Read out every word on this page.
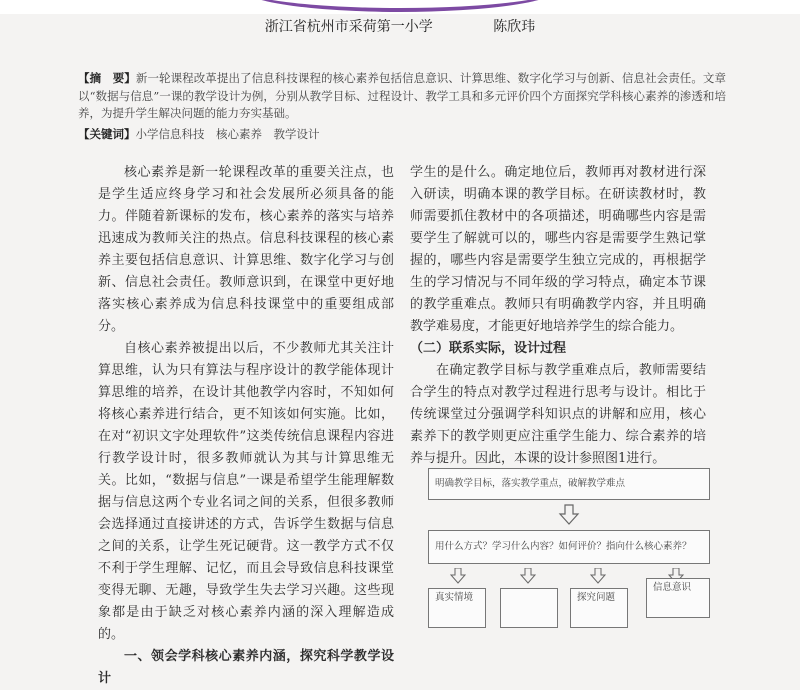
浙江省杭州市采荷第一小学	陈欣玮
【摘　要】新一轮课程改革提出了信息科技课程的核心素养包括信息意识、计算思维、数字化学习与创新、信息社会责任。文章以“数据与信息”一课的教学设计为例，分别从教学目标、过程设计、教学工具和多元评价四个方面探究学科核心素养的渗透和培养，为提升学生解决问题的能力夯实基础。
【关键词】小学信息科技　核心素养　教学设计

核心素养是新一轮课程改革的重要关注点，也是学生适应终身学习和社会发展所必须具备的能力。伴随着新课标的发布，核心素养的落实与培养迅速成为教师关注的热点。信息科技课程的核心素养主要包括信息意识、计算思维、数字化学习与创新、信息社会责任。教师意识到，在课堂中更好地落实核心素养成为信息科技课堂中的重要组成部分。

自核心素养被提出以后，不少教师尤其关注计算思维，认为只有算法与程序设计的教学能体现计算思维的培养，在设计其他教学内容时，不知如何将核心素养进行结合，更不知该如何实施。比如，在对“初识文字处理软件”这类传统信息课程内容进行教学设计时，很多教师就认为其与计算思维无关。比如，“数据与信息”一课是希望学生能理解数据与信息这两个专业名词之间的关系，但很多教师会选择通过直接讲述的方式，告诉学生数据与信息之间的关系，让学生死记硬背。这一教学方式不仅不利于学生理解、记忆，而且会导致信息科技课堂变得无聊、无趣，导致学生失去学习兴趣。这些现象都是由于缺乏对核心素养内涵的深入理解造成的。

一、领会学科核心素养内涵，探究科学教学设计

学生的是什么。确定地位后，教师再对教材进行深入研读，明确本课的教学目标。在研读教材时，教师需要抓住教材中的各项描述，明确哪些内容是需要学生了解就可以的，哪些内容是需要学生熟记掌握的，哪些内容是需要学生独立完成的，再根据学生的学习情况与不同年级的学习特点，确定本节课的教学重难点。教师只有明确教学内容，并且明确教学难易度，才能更好地培养学生的综合能力。

（二）联系实际，设计过程

在确定教学目标与教学重难点后，教师需要结合学生的特点对教学过程进行思考与设计。相比于传统课堂过分强调学科知识点的讲解和应用，核心素养下的教学则更应注重学生能力、综合素养的培养与提升。因此，本课的设计参照图1进行。

明确教学目标，落实教学重点，破解教学难点
用什么方式？学习什么内容？如何评价？指向什么核心素养？
真实情境	探究问题
信息意识
